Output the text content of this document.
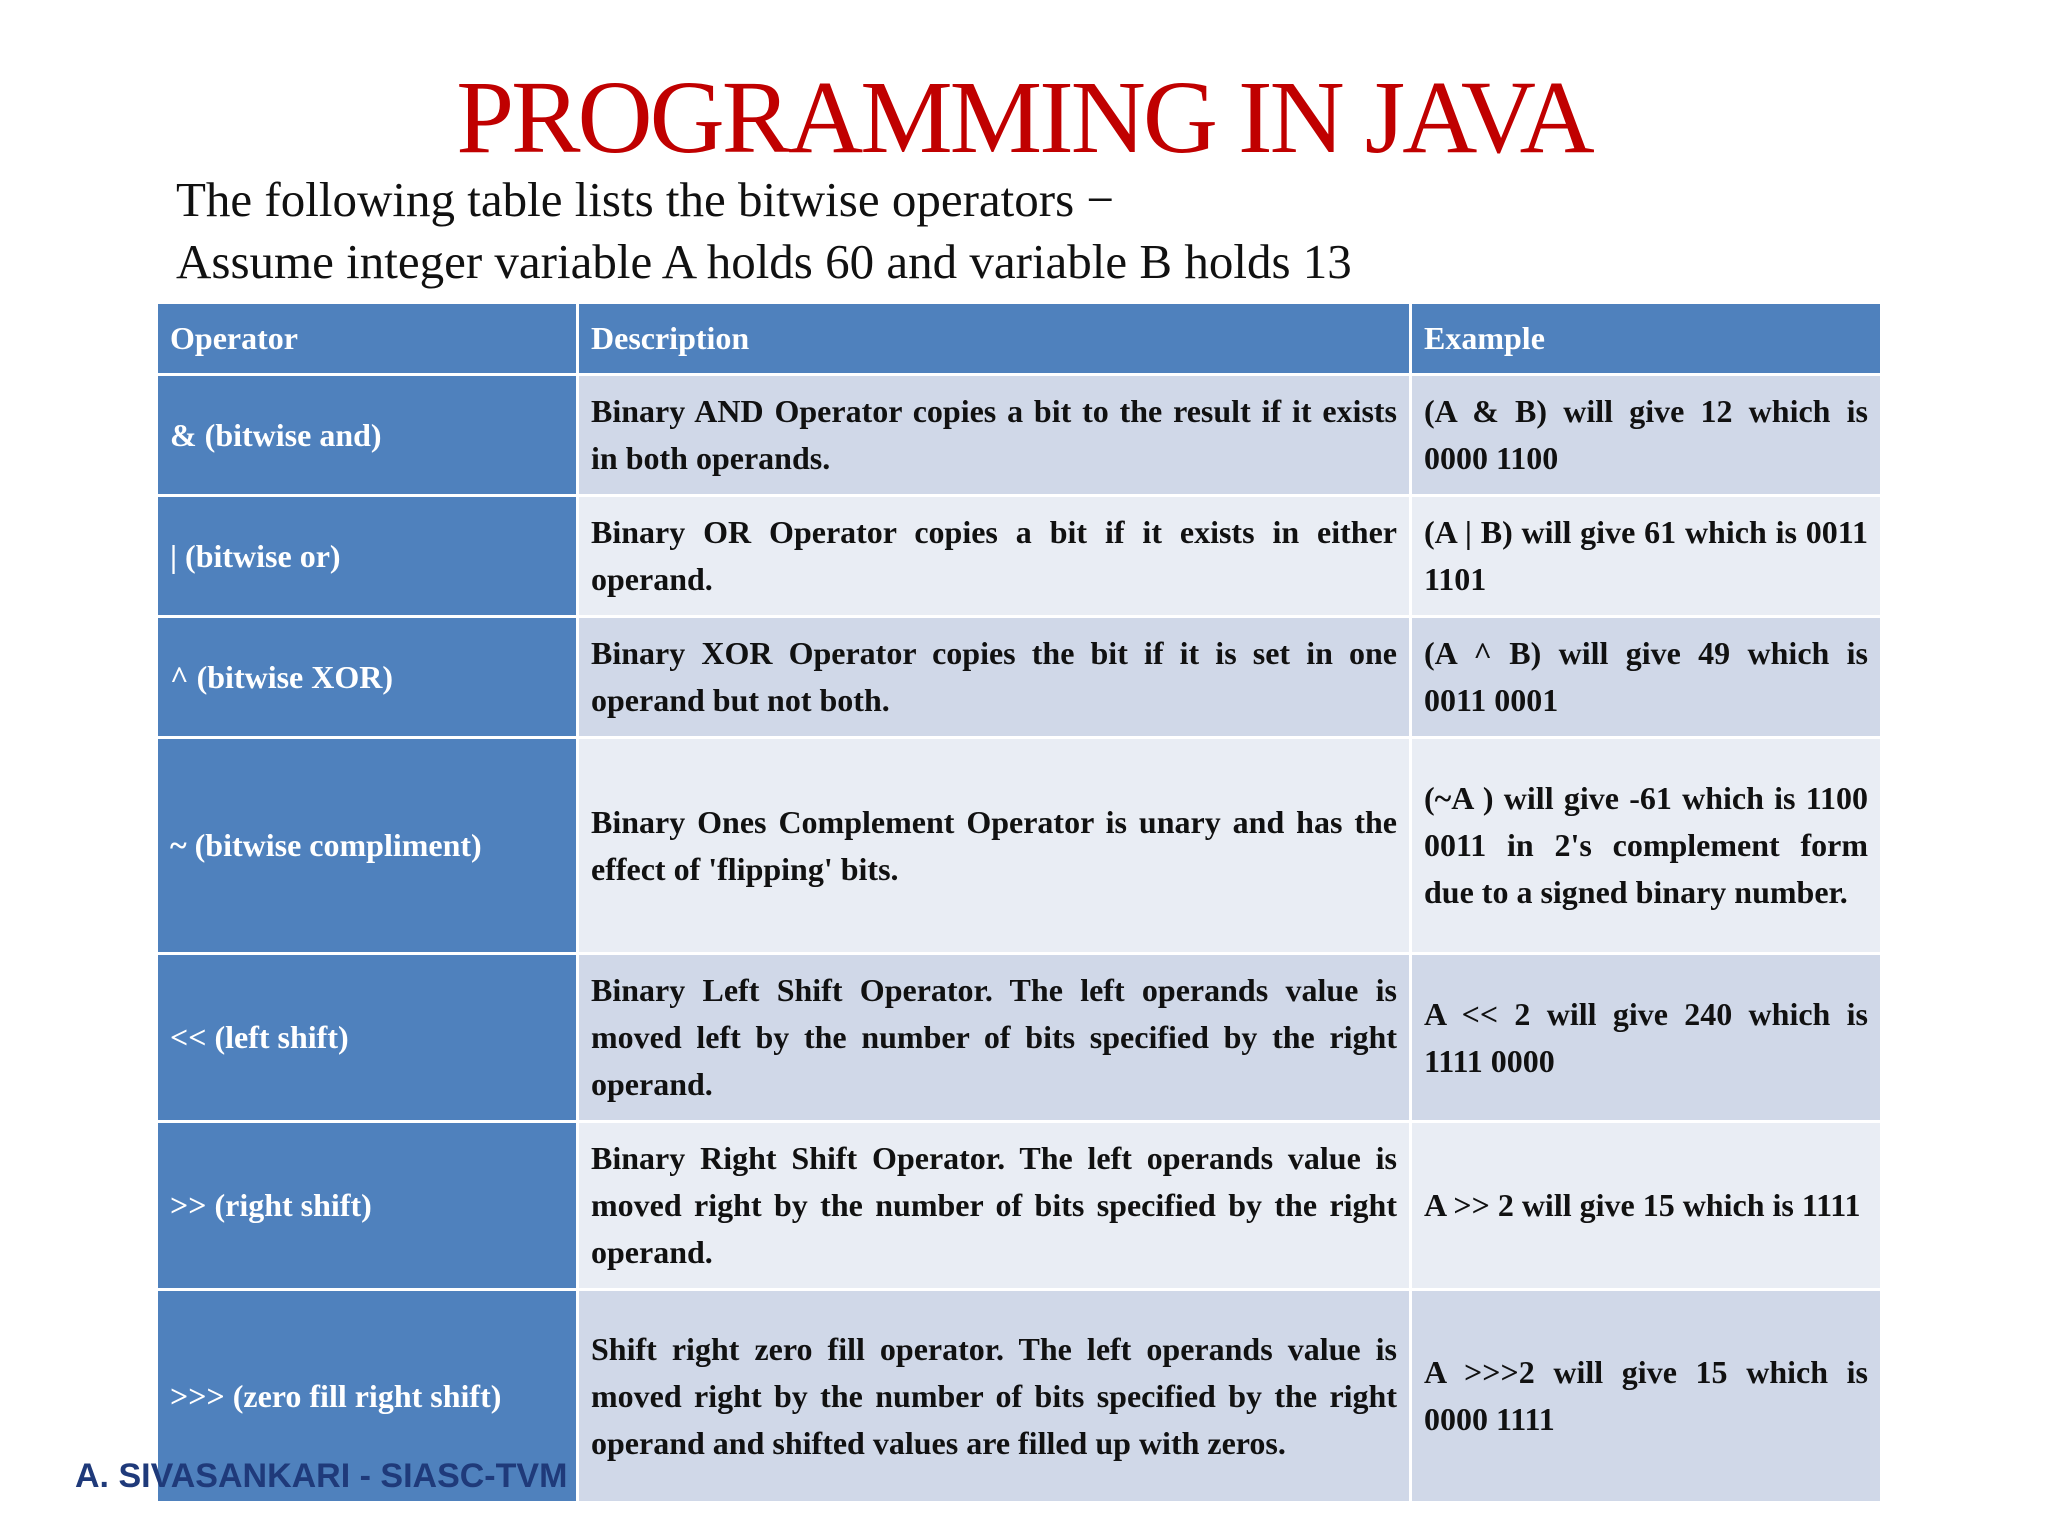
PROGRAMMING IN JAVA
The following table lists the bitwise operators −
Assume integer variable A holds 60 and variable B holds 13
Operator	Description	Example
& (bitwise and)	Binary AND Operator copies a bit to the result if it exists in both operands.	(A & B) will give 12 which is 0000 1100
| (bitwise or)	Binary OR Operator copies a bit if it exists in either operand.	(A | B) will give 61 which is 0011 1101
^ (bitwise XOR)	Binary XOR Operator copies the bit if it is set in one operand but not both.	(A ^ B) will give 49 which is 0011 0001
~ (bitwise compliment)	Binary Ones Complement Operator is unary and has the effect of 'flipping' bits.	(~A ) will give -61 which is 1100 0011 in 2's complement form due to a signed binary number.
<< (left shift)	Binary Left Shift Operator. The left operands value is moved left by the number of bits specified by the right operand.	A << 2 will give 240 which is 1111 0000
>> (right shift)	Binary Right Shift Operator. The left operands value is moved right by the number of bits specified by the right operand.	A >> 2 will give 15 which is 1111
>>> (zero fill right shift)	Shift right zero fill operator. The left operands value is moved right by the number of bits specified by the right operand and shifted values are filled up with zeros.	A >>>2 will give 15 which is 0000 1111
A. SIVASANKARI - SIASC-TVM
